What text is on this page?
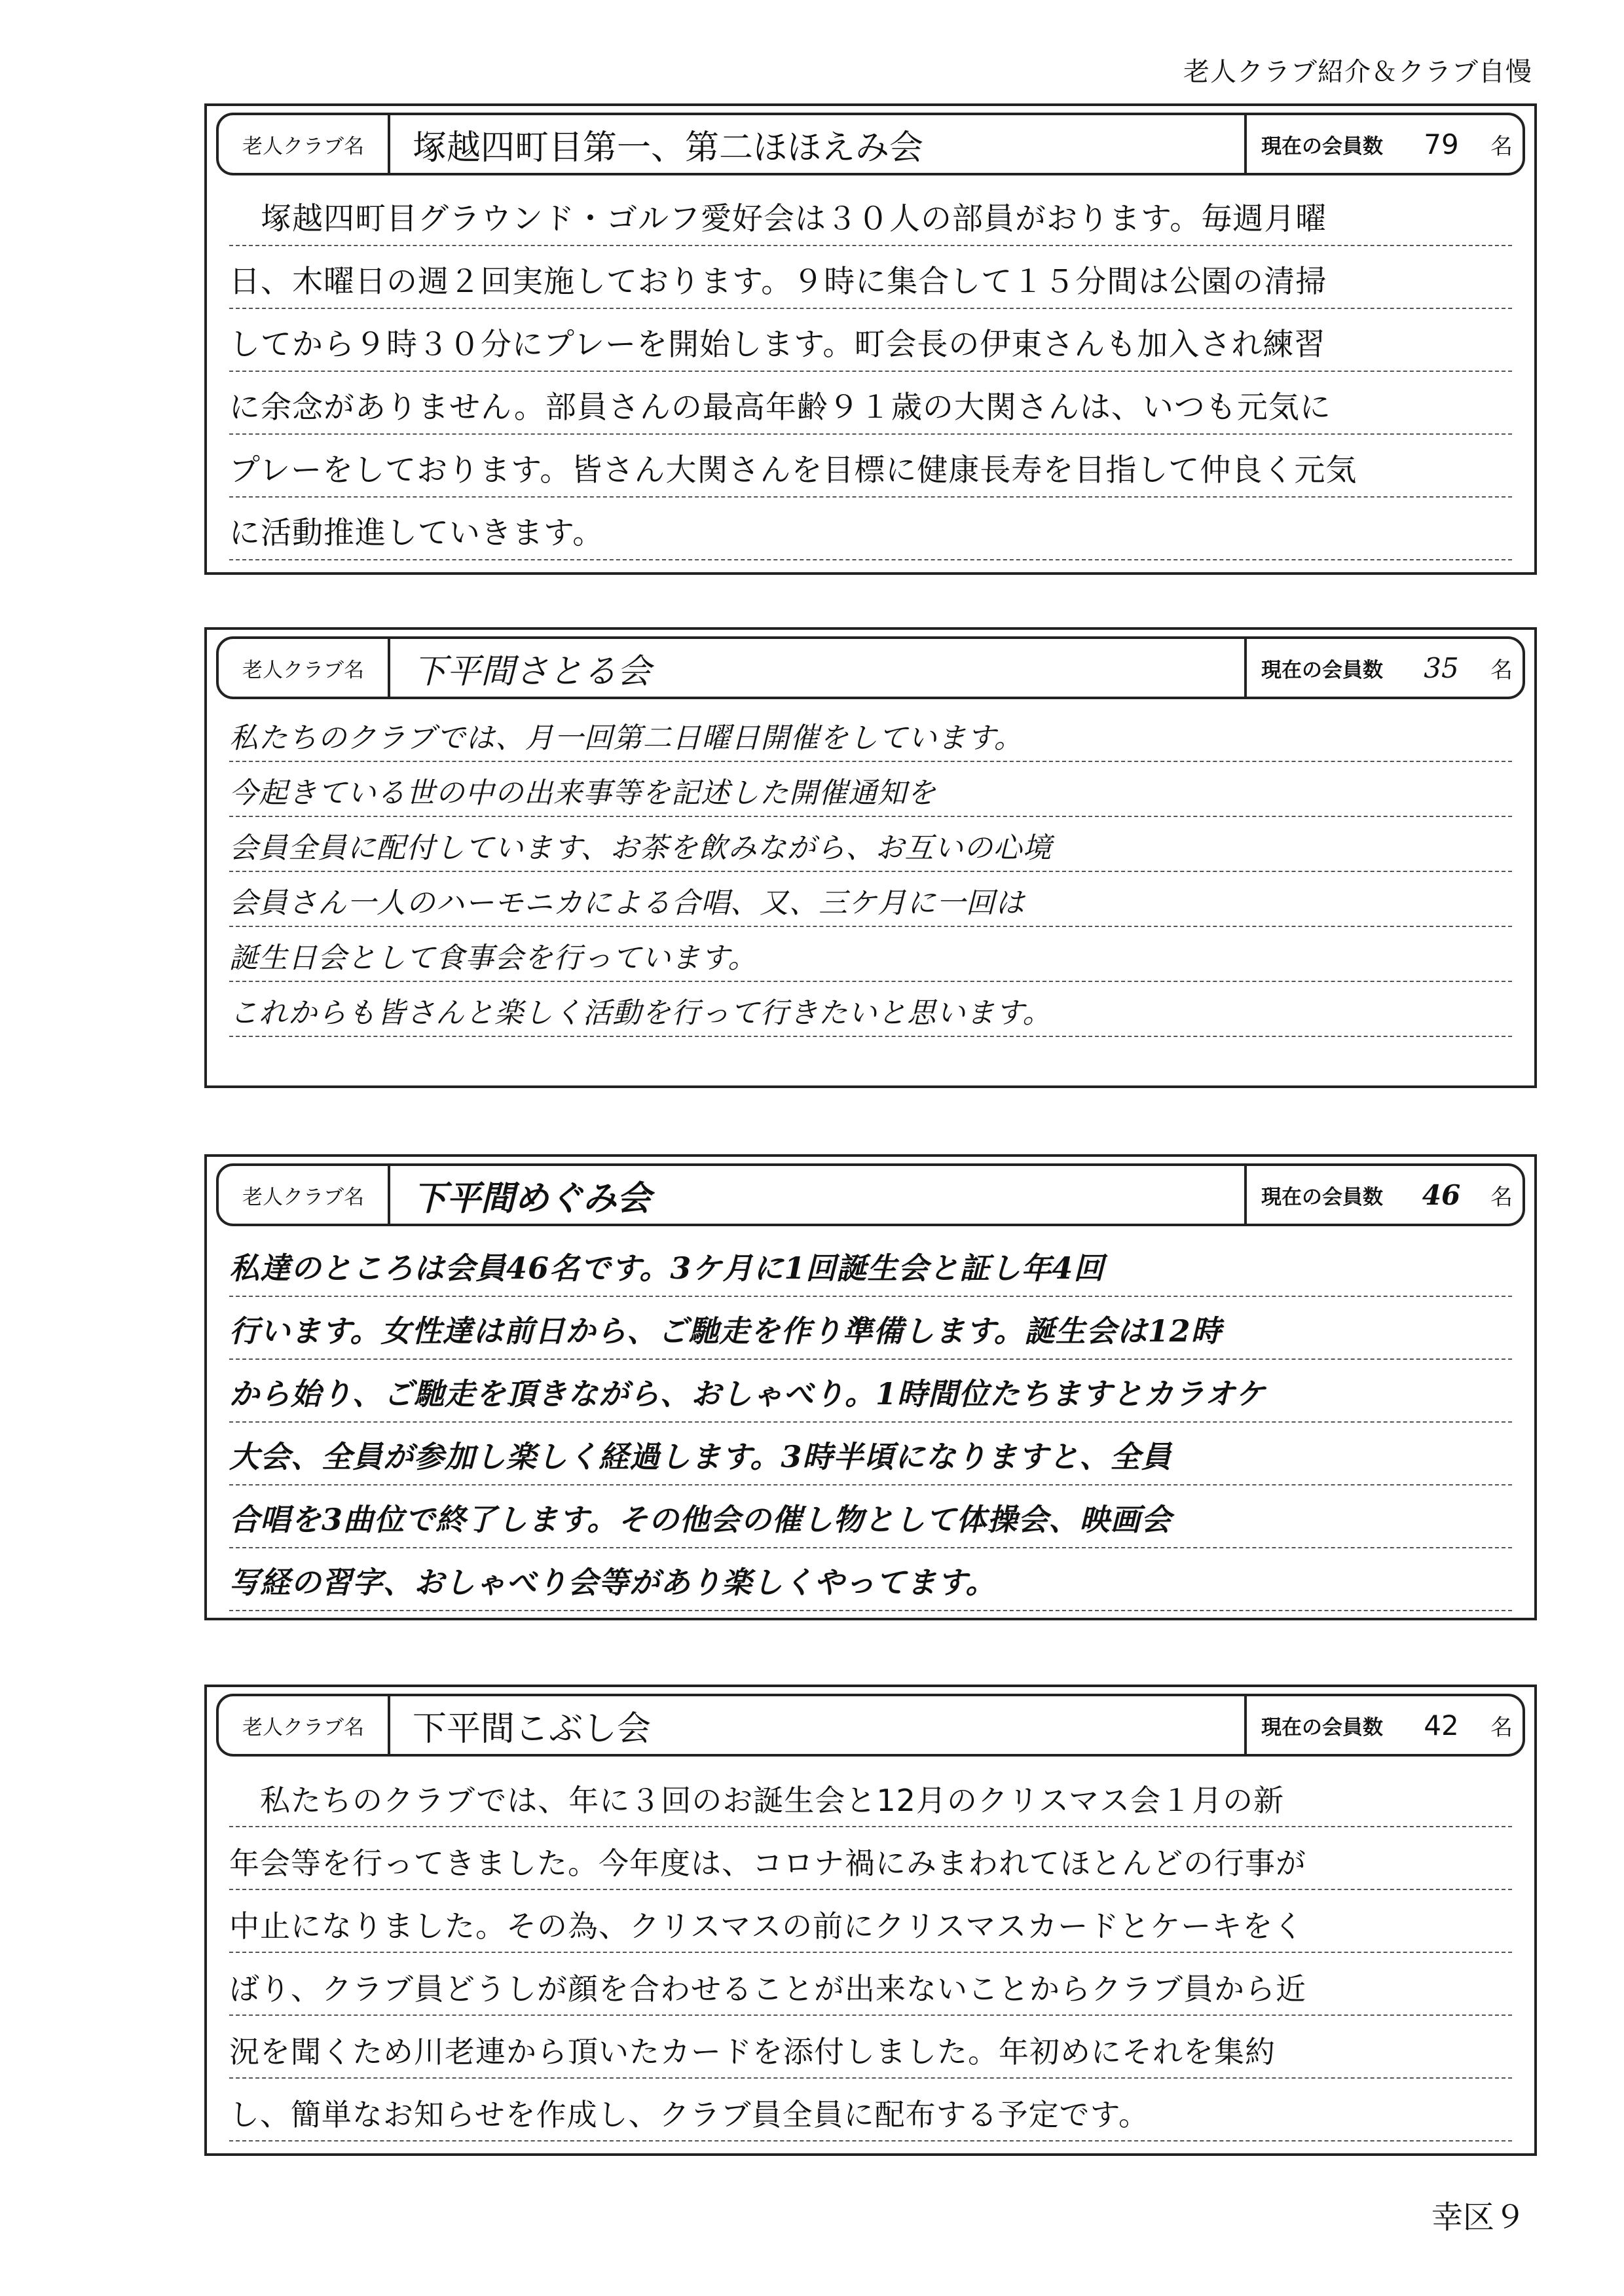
老人クラブ紹介＆クラブ自慢
老人クラブ名	塚越四町目第一、第二ほほえみ会	現在の会員数	79	名
　塚越四町目グラウンド・ゴルフ愛好会は３０人の部員がおります。毎週月曜
日、木曜日の週２回実施しております。９時に集合して１５分間は公園の清掃
してから９時３０分にプレーを開始します。町会長の伊東さんも加入され練習
に余念がありません。部員さんの最高年齢９１歳の大関さんは、いつも元気に
プレーをしております。皆さん大関さんを目標に健康長寿を目指して仲良く元気
に活動推進していきます。
老人クラブ名	下平間さとる会	現在の会員数	35	名
私たちのクラブでは、月一回第二日曜日開催をしています。
今起きている世の中の出来事等を記述した開催通知を
会員全員に配付しています、お茶を飲みながら、お互いの心境
会員さん一人のハーモニカによる合唱、又、三ケ月に一回は
誕生日会として食事会を行っています。
これからも皆さんと楽しく活動を行って行きたいと思います。
老人クラブ名	下平間めぐみ会	現在の会員数	46	名
私達のところは会員46名です。3ケ月に1回誕生会と証し年4回
行います。女性達は前日から、ご馳走を作り準備します。誕生会は12時
から始り、ご馳走を頂きながら、おしゃべり。1時間位たちますとカラオケ
大会、全員が参加し楽しく経過します。3時半頃になりますと、全員
合唱を3曲位で終了します。その他会の催し物として体操会、映画会
写経の習字、おしゃべり会等があり楽しくやってます。
老人クラブ名	下平間こぶし会	現在の会員数	42	名
　私たちのクラブでは、年に３回のお誕生会と12月のクリスマス会１月の新
年会等を行ってきました。今年度は、コロナ禍にみまわれてほとんどの行事が
中止になりました。その為、クリスマスの前にクリスマスカードとケーキをく
ばり、クラブ員どうしが顔を合わせることが出来ないことからクラブ員から近
況を聞くため川老連から頂いたカードを添付しました。年初めにそれを集約
し、簡単なお知らせを作成し、クラブ員全員に配布する予定です。
幸区９
